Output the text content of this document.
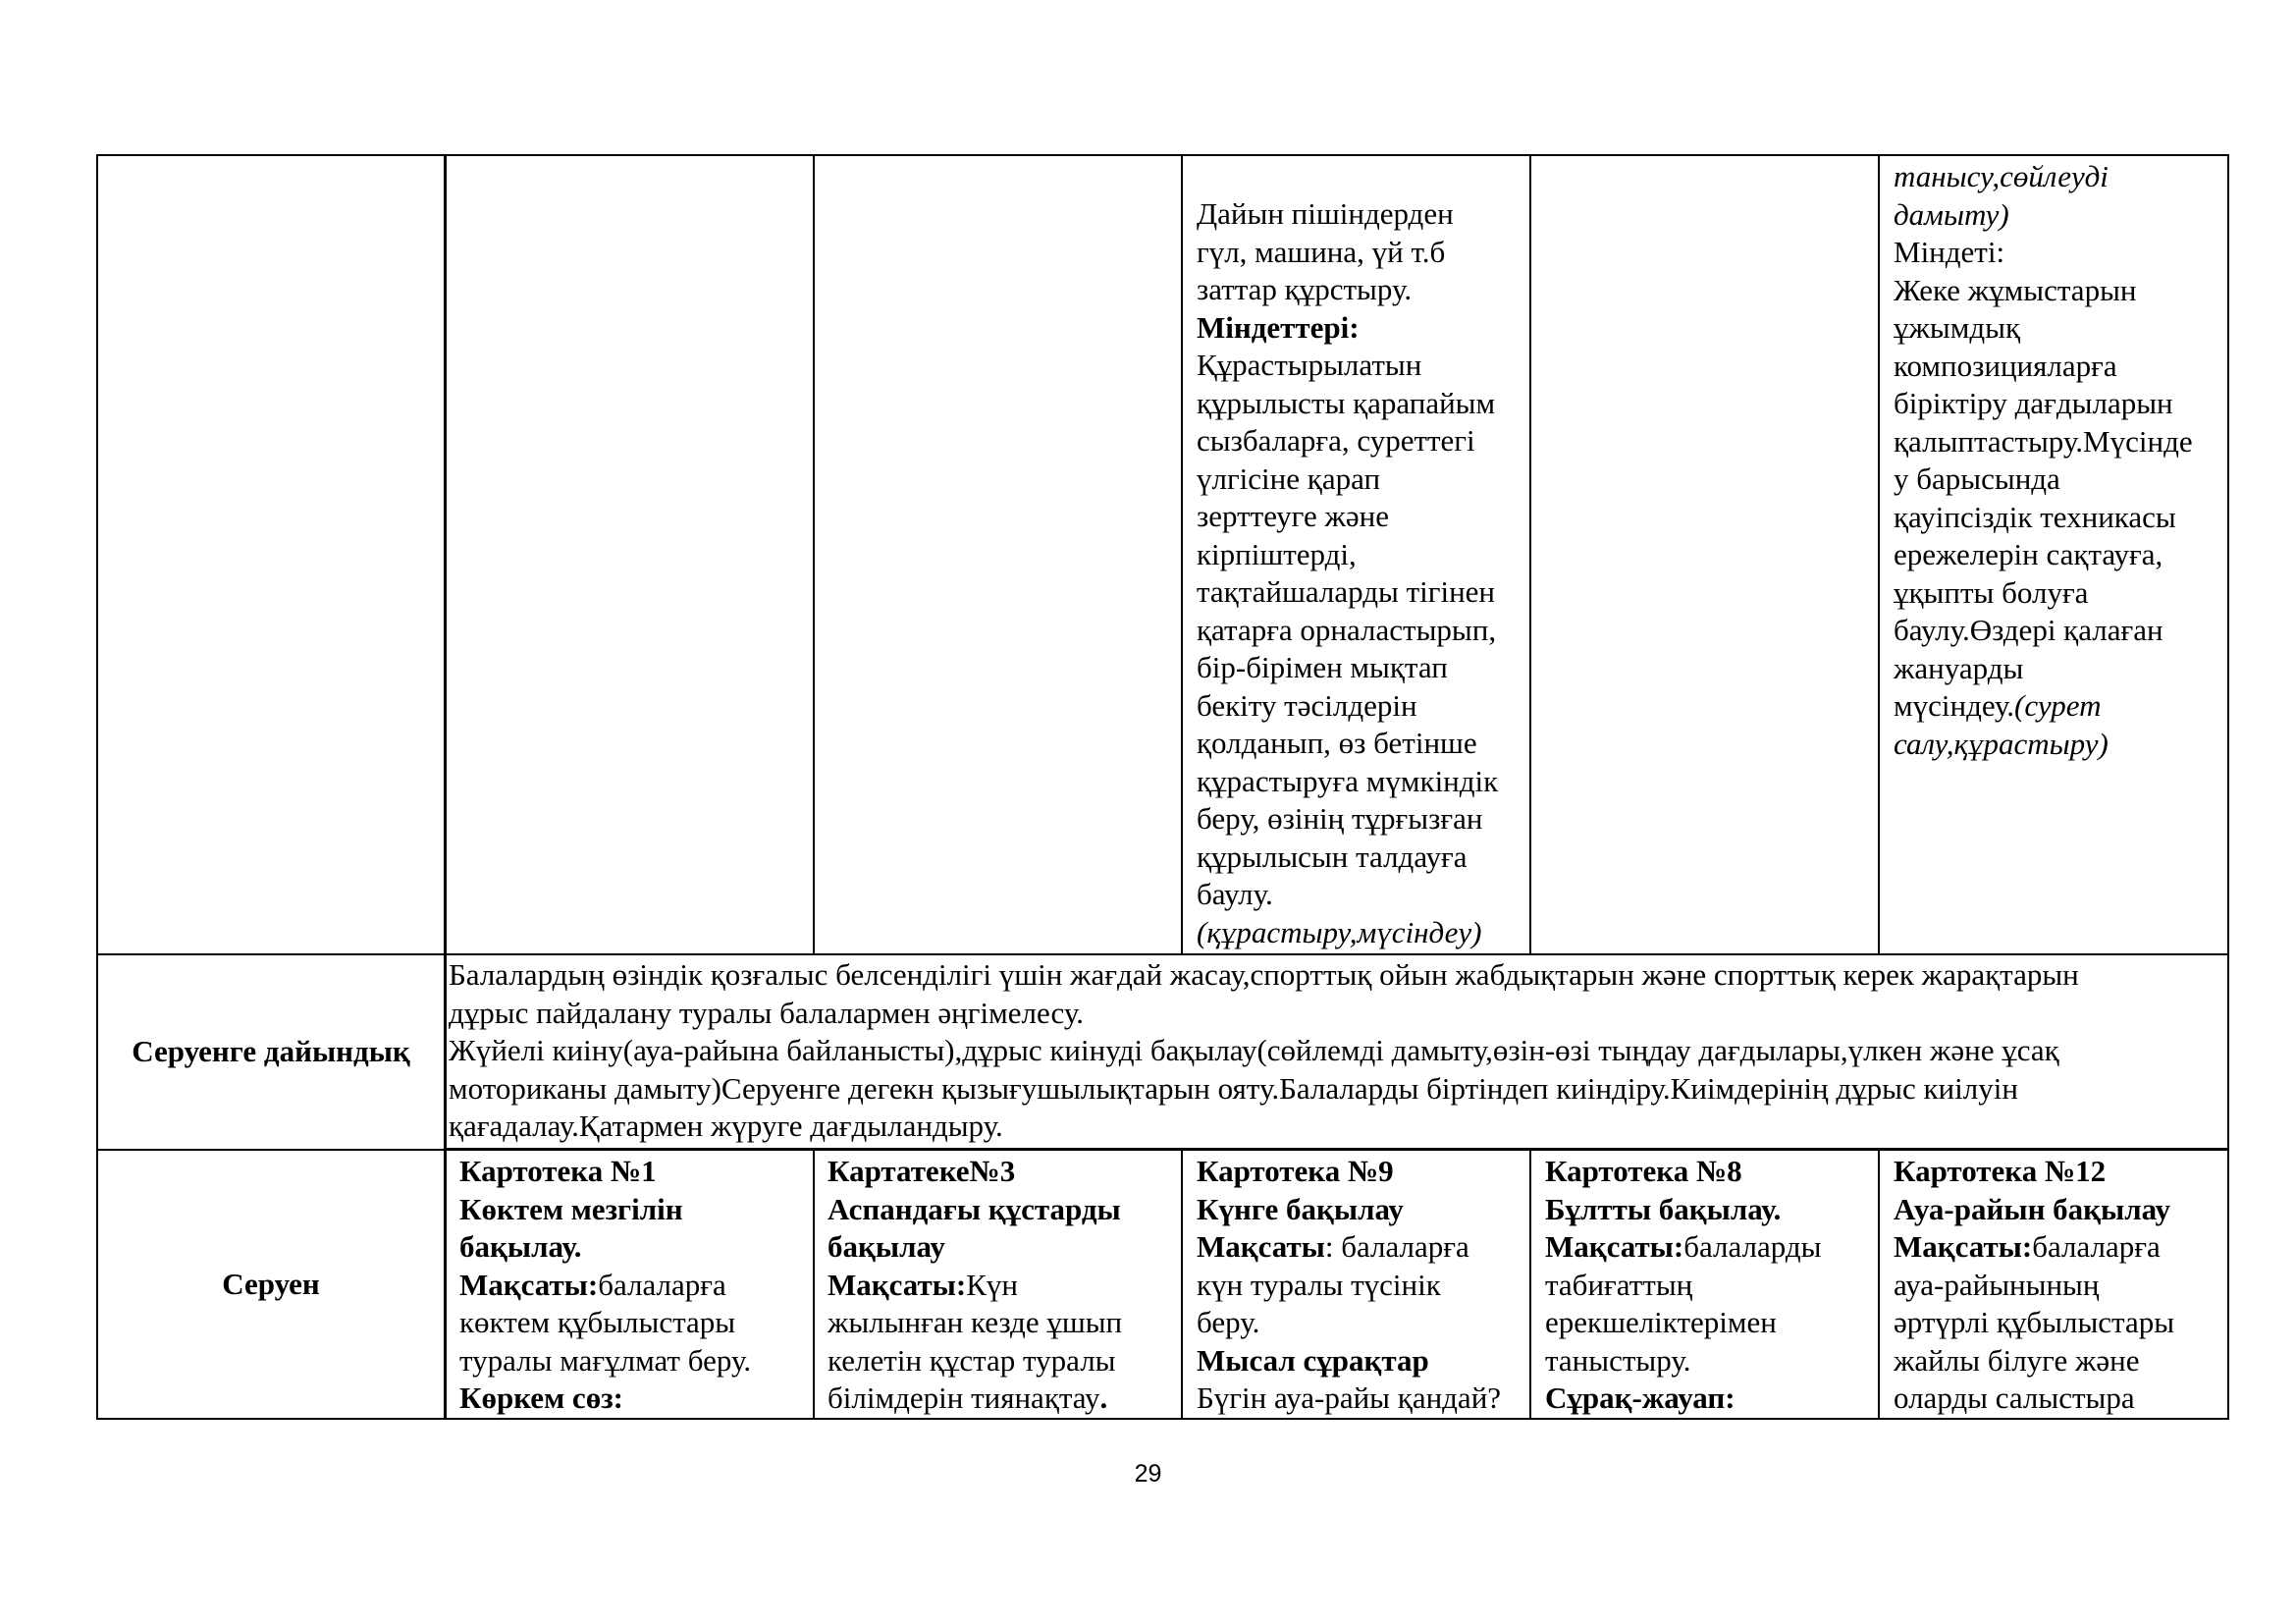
Дайын пішіндерден
гүл, машина, үй т.б
заттар құрстыру.
Міндеттері:
Құрастырылатын
құрылысты қарапайым
сызбаларға, суреттегі
үлгісіне қарап
зерттеуге және
кірпіштерді,
тақтайшаларды тігінен
қатарға орналастырып,
бір-бірімен мықтап
бекіту тәсілдерін
қолданып, өз бетінше
құрастыруға мүмкіндік
беру, өзінің тұрғызған
құрылысын талдауға
баулу.
(құрастыру,мүсіндеу)
танысу,сөйлеуді
дамыту)
Міндеті:
Жеке жұмыстарын
ұжымдық
композицияларға
біріктіру дағдыларын
қалыптастыру.Мүсінде
у барысында
қауіпсіздік техникасы
ережелерін сақтауға,
ұқыпты болуға
баулу.Өздері қалаған
жануарды
мүсіндеу.(сурет
салу,құрастыру)
Серуенге дайындық
Балалардың өзіндік қозғалыс белсенділігі үшін жағдай жасау,спорттық ойын жабдықтарын және спорттық керек жарақтарын
дұрыс пайдалану туралы балалармен әңгімелесу.
Жүйелі киіну(ауа-райына байланысты),дұрыс киінуді бақылау(сөйлемді дамыту,өзін-өзі тыңдау дағдылары,үлкен және ұсақ
моториканы дамыту)Серуенге дегекн қызығушылықтарын ояту.Балаларды біртіндеп киіндіру.Киімдерінің дұрыс киілуін
қағадалау.Қатармен жүруге дағдыландыру.
Серуен
Картотека №1
Көктем мезгілін
бақылау.
Мақсаты:балаларға
көктем құбылыстары
туралы мағұлмат беру.
Көркем сөз:
Картатеке№3
Аспандағы құстарды
бақылау
Мақсаты:Күн
жылынған кезде ұшып
келетін құстар туралы
білімдерін тиянақтау.
Картотека №9
Күнге бақылау
Мақсаты: балаларға
күн туралы түсінік
беру.
Мысал сұрақтар
Бүгін ауа-райы қандай?
Картотека №8
Бұлтты бақылау.
Мақсаты:балаларды
табиғаттың
ерекшеліктерімен
таныстыру.
Сұрақ-жауап:
Картотека №12
Ауа-райын бақылау
Мақсаты:балаларға
ауа-райынының
әртүрлі құбылыстары
жайлы білуге және
оларды салыстыра
29
